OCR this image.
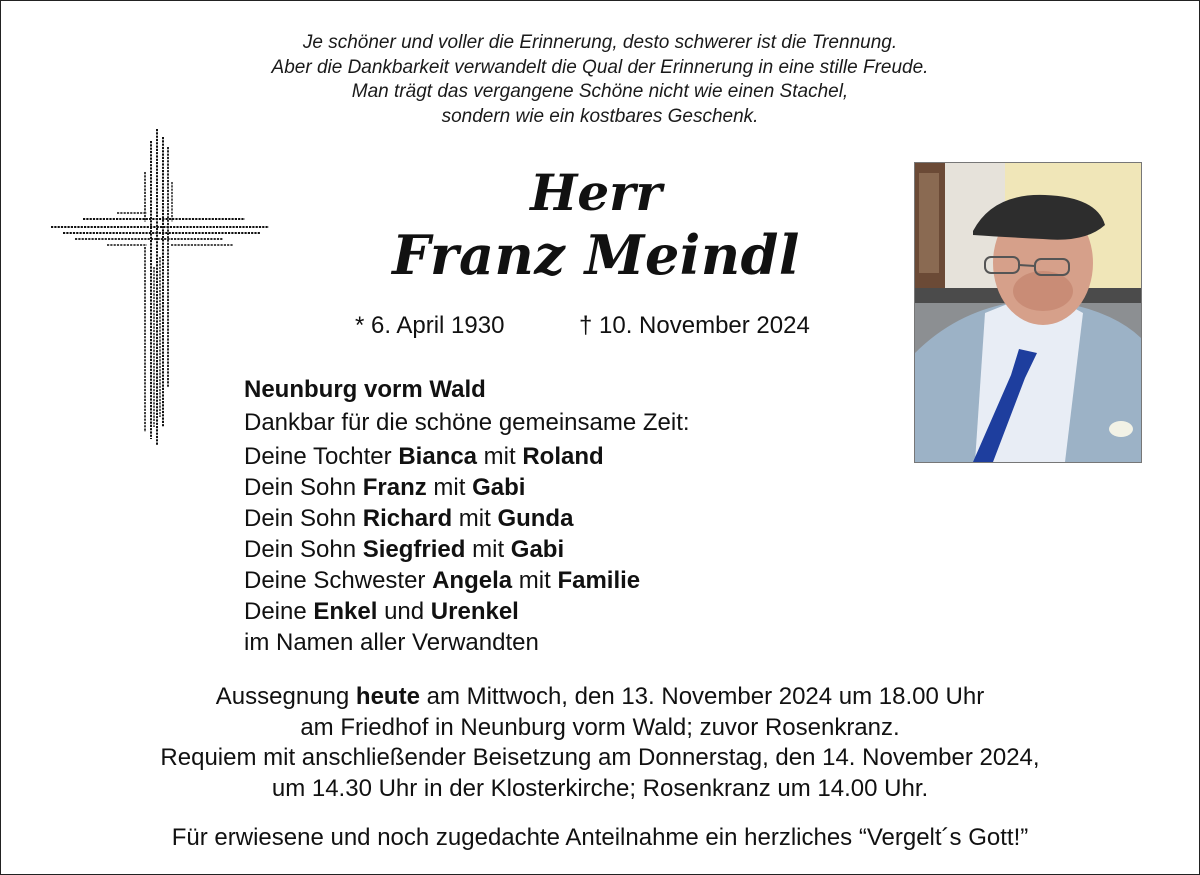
Je schöner und voller die Erinnerung, desto schwerer ist die Trennung.
Aber die Dankbarkeit verwandelt die Qual der Erinnerung in eine stille Freude.
Man trägt das vergangene Schöne nicht wie einen Stachel,
sondern wie ein kostbares Geschenk.
Herr
Franz Meindl
* 6. April 1930	† 10. November 2024
Neunburg vorm Wald
Dankbar für die schöne gemeinsame Zeit:
Deine Tochter Bianca mit Roland
Dein Sohn Franz mit Gabi
Dein Sohn Richard mit Gunda
Dein Sohn Siegfried mit Gabi
Deine Schwester Angela mit Familie
Deine Enkel und Urenkel
im Namen aller Verwandten
Aussegnung heute am Mittwoch, den 13. November 2024 um 18.00 Uhr
am Friedhof in Neunburg vorm Wald; zuvor Rosenkranz.
Requiem mit anschließender Beisetzung am Donnerstag, den 14. November 2024,
um 14.30 Uhr in der Klosterkirche; Rosenkranz um 14.00 Uhr.
Für erwiesene und noch zugedachte Anteilnahme ein herzliches “Vergelt´s Gott!”
